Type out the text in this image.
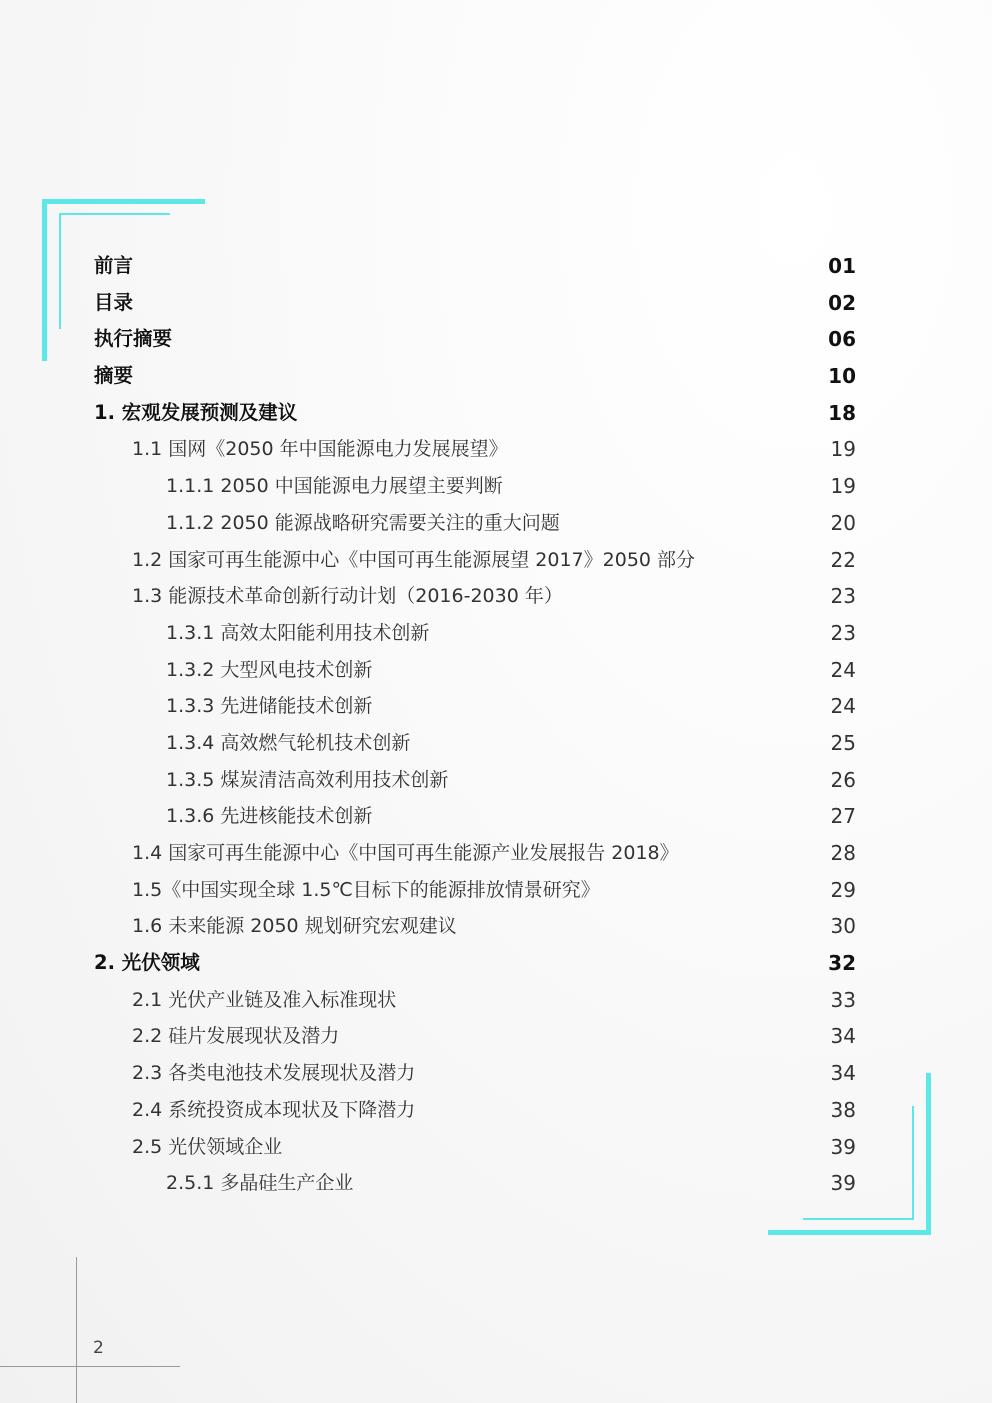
前言	01
目录	02
执行摘要	06
摘要	10
1. 宏观发展预测及建议	18
1.1 国网《2050 年中国能源电力发展展望》	19
1.1.1 2050 中国能源电力展望主要判断	19
1.1.2 2050 能源战略研究需要关注的重大问题	20
1.2 国家可再生能源中心《中国可再生能源展望 2017》2050 部分	22
1.3 能源技术革命创新行动计划（2016-2030 年）	23
1.3.1 高效太阳能利用技术创新	23
1.3.2 大型风电技术创新	24
1.3.3 先进储能技术创新	24
1.3.4 高效燃气轮机技术创新	25
1.3.5 煤炭清洁高效利用技术创新	26
1.3.6 先进核能技术创新	27
1.4 国家可再生能源中心《中国可再生能源产业发展报告 2018》	28
1.5《中国实现全球 1.5℃目标下的能源排放情景研究》	29
1.6 未来能源 2050 规划研究宏观建议	30
2. 光伏领域	32
2.1 光伏产业链及准入标准现状	33
2.2 硅片发展现状及潜力	34
2.3 各类电池技术发展现状及潜力	34
2.4 系统投资成本现状及下降潜力	38
2.5 光伏领域企业	39
2.5.1 多晶硅生产企业	39
2
